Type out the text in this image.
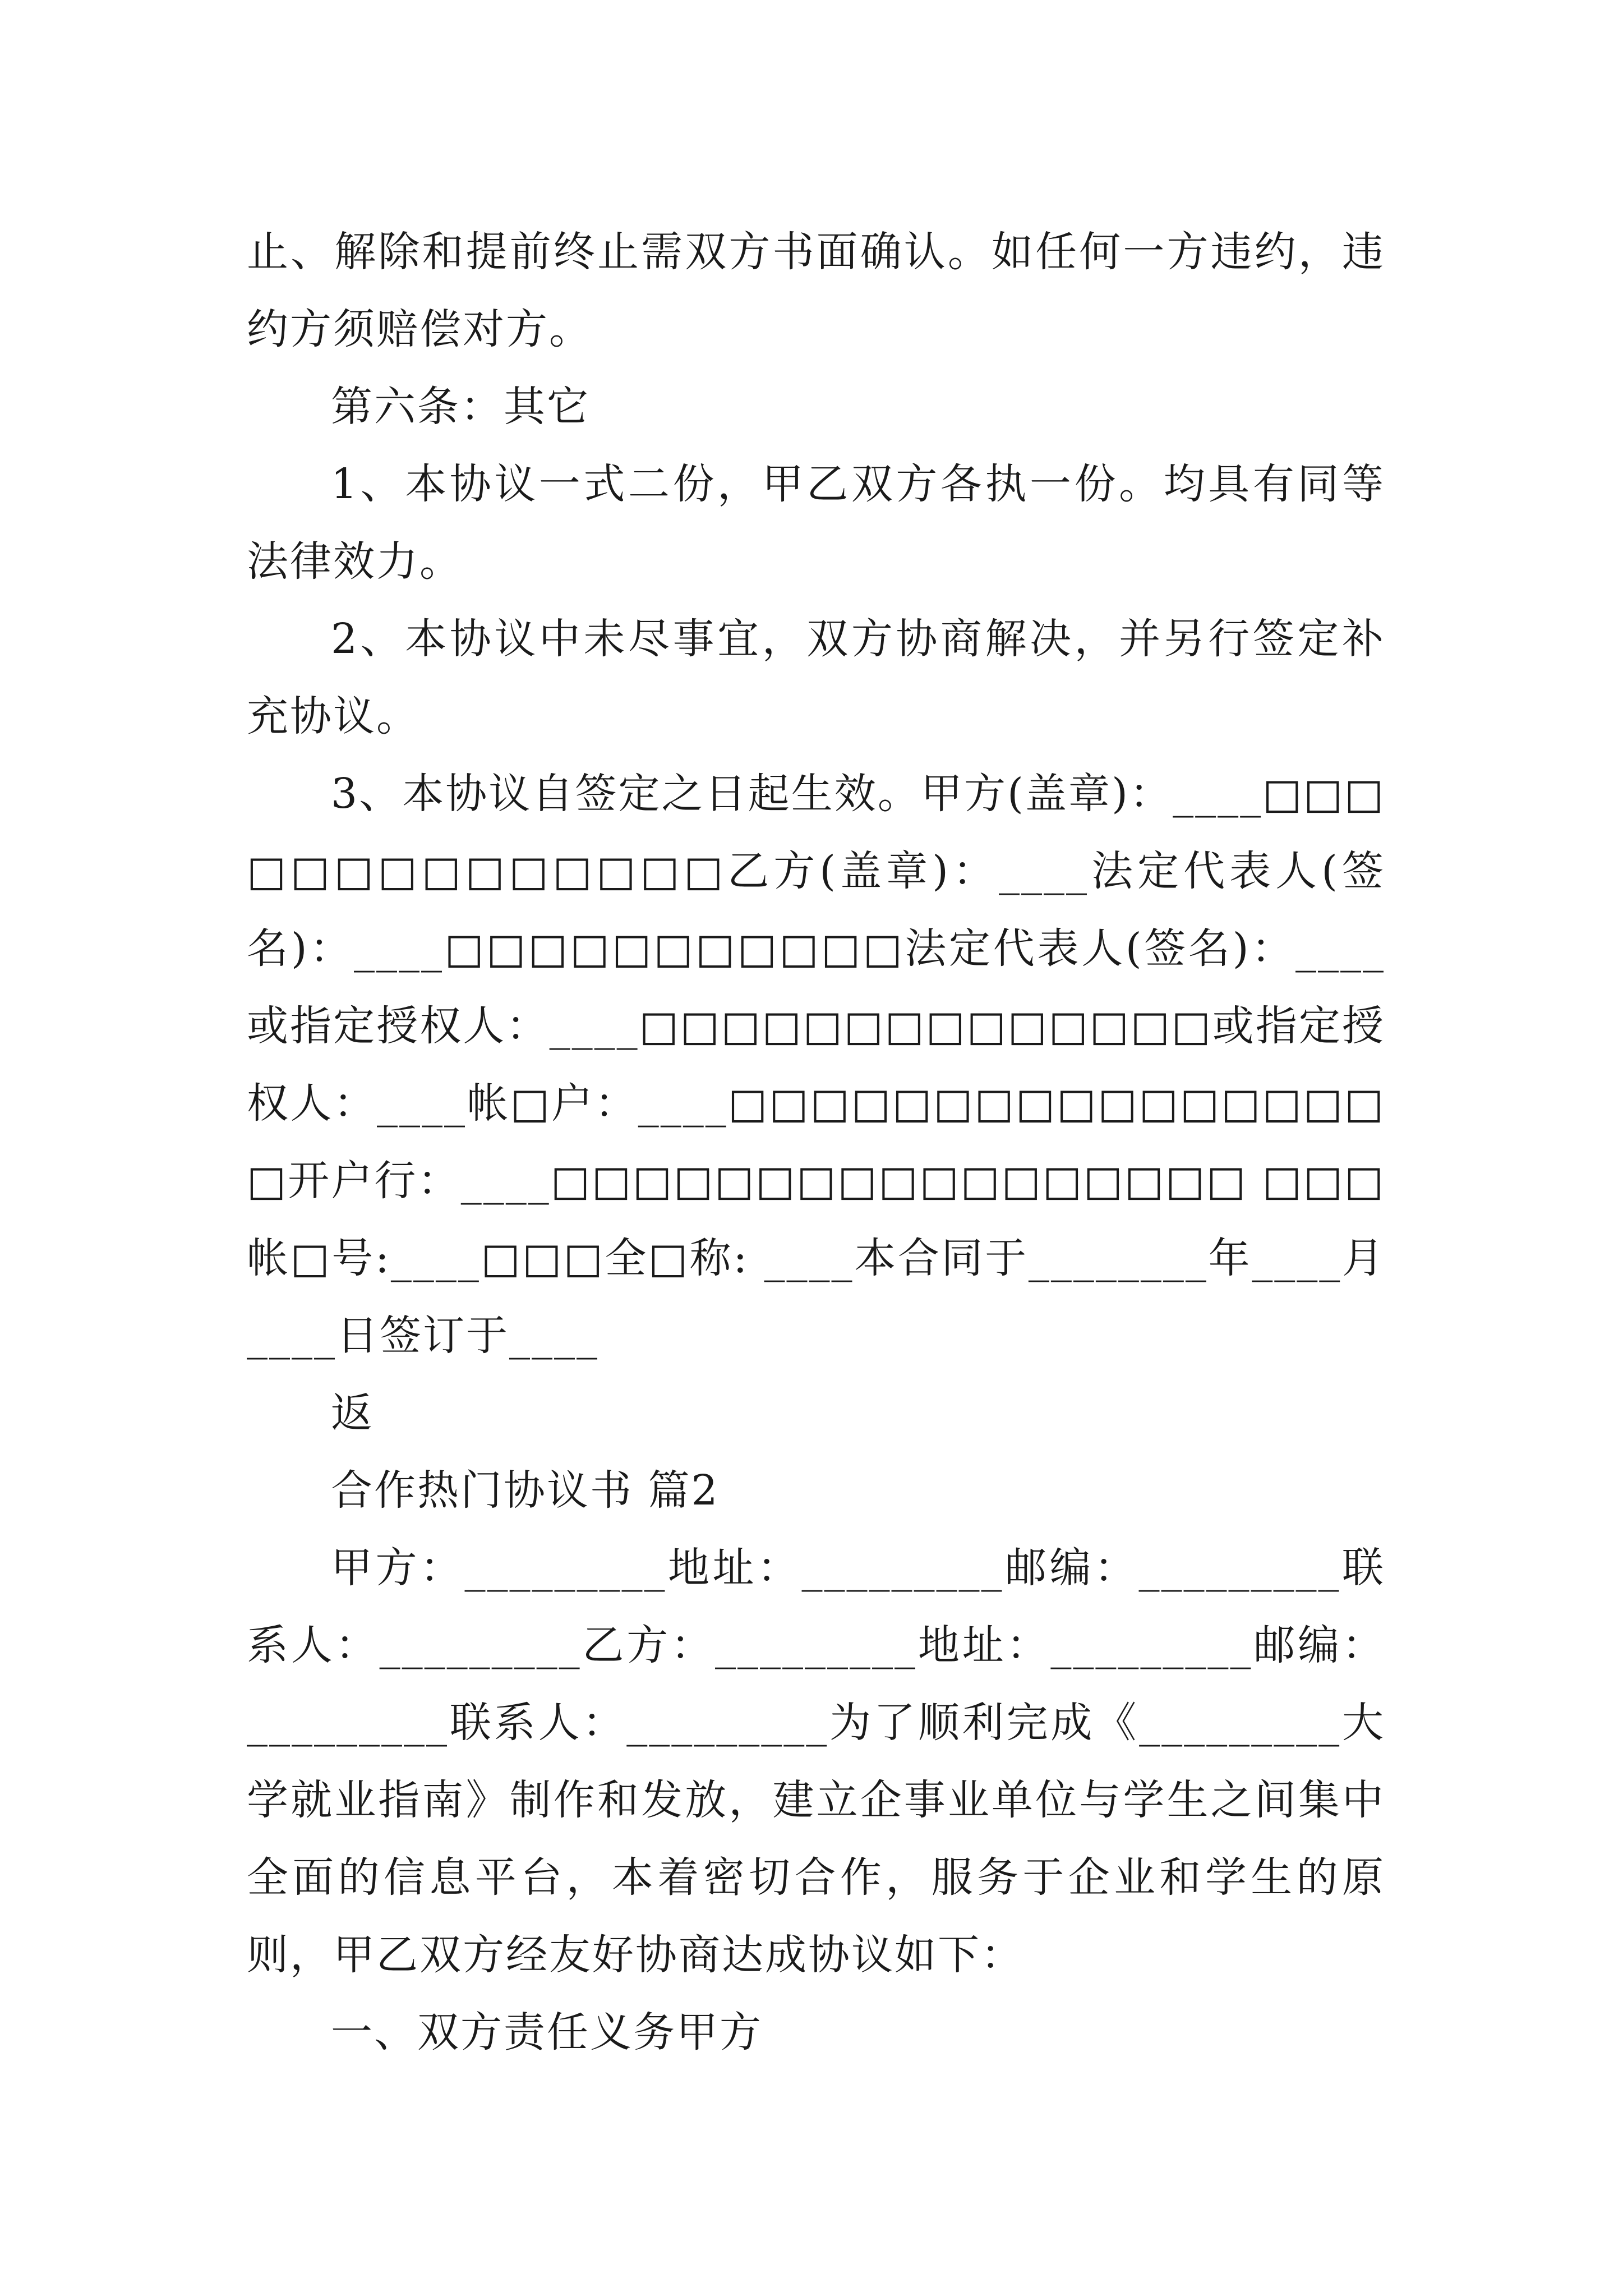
止、解除和提前终止需双方书面确认。如任何一方违约，违约方须赔偿对方。

第六条：其它

1、本协议一式二份，甲乙双方各执一份。均具有同等法律效力。

2、本协议中未尽事宜，双方协商解决，并另行签定补充协议。

3、本协议自签定之日起生效。甲方(盖章)：____□□□□□□□□□□□□□□乙方(盖章)：____法定代表人(签名)：____□□□□□□□□□□□法定代表人(签名)：____或指定授权人：____□□□□□□□□□□□□□□或指定授权人：____帐□户：____□□□□□□□□□□□□□□□□□开户行：____□□□□□□□□□□□□□□□□□ □□□ 帐□号:____□□□全□称: ____本合同于________年____月____日签订于____

返

合作热门协议书 篇2

甲方：_________地址：_________邮编：_________联系人：_________乙方：_________地址：_________邮编：_________联系人：_________为了顺利完成《_________大学就业指南》制作和发放，建立企事业单位与学生之间集中全面的信息平台，本着密切合作，服务于企业和学生的原则，甲乙双方经友好协商达成协议如下：

一、双方责任义务甲方
